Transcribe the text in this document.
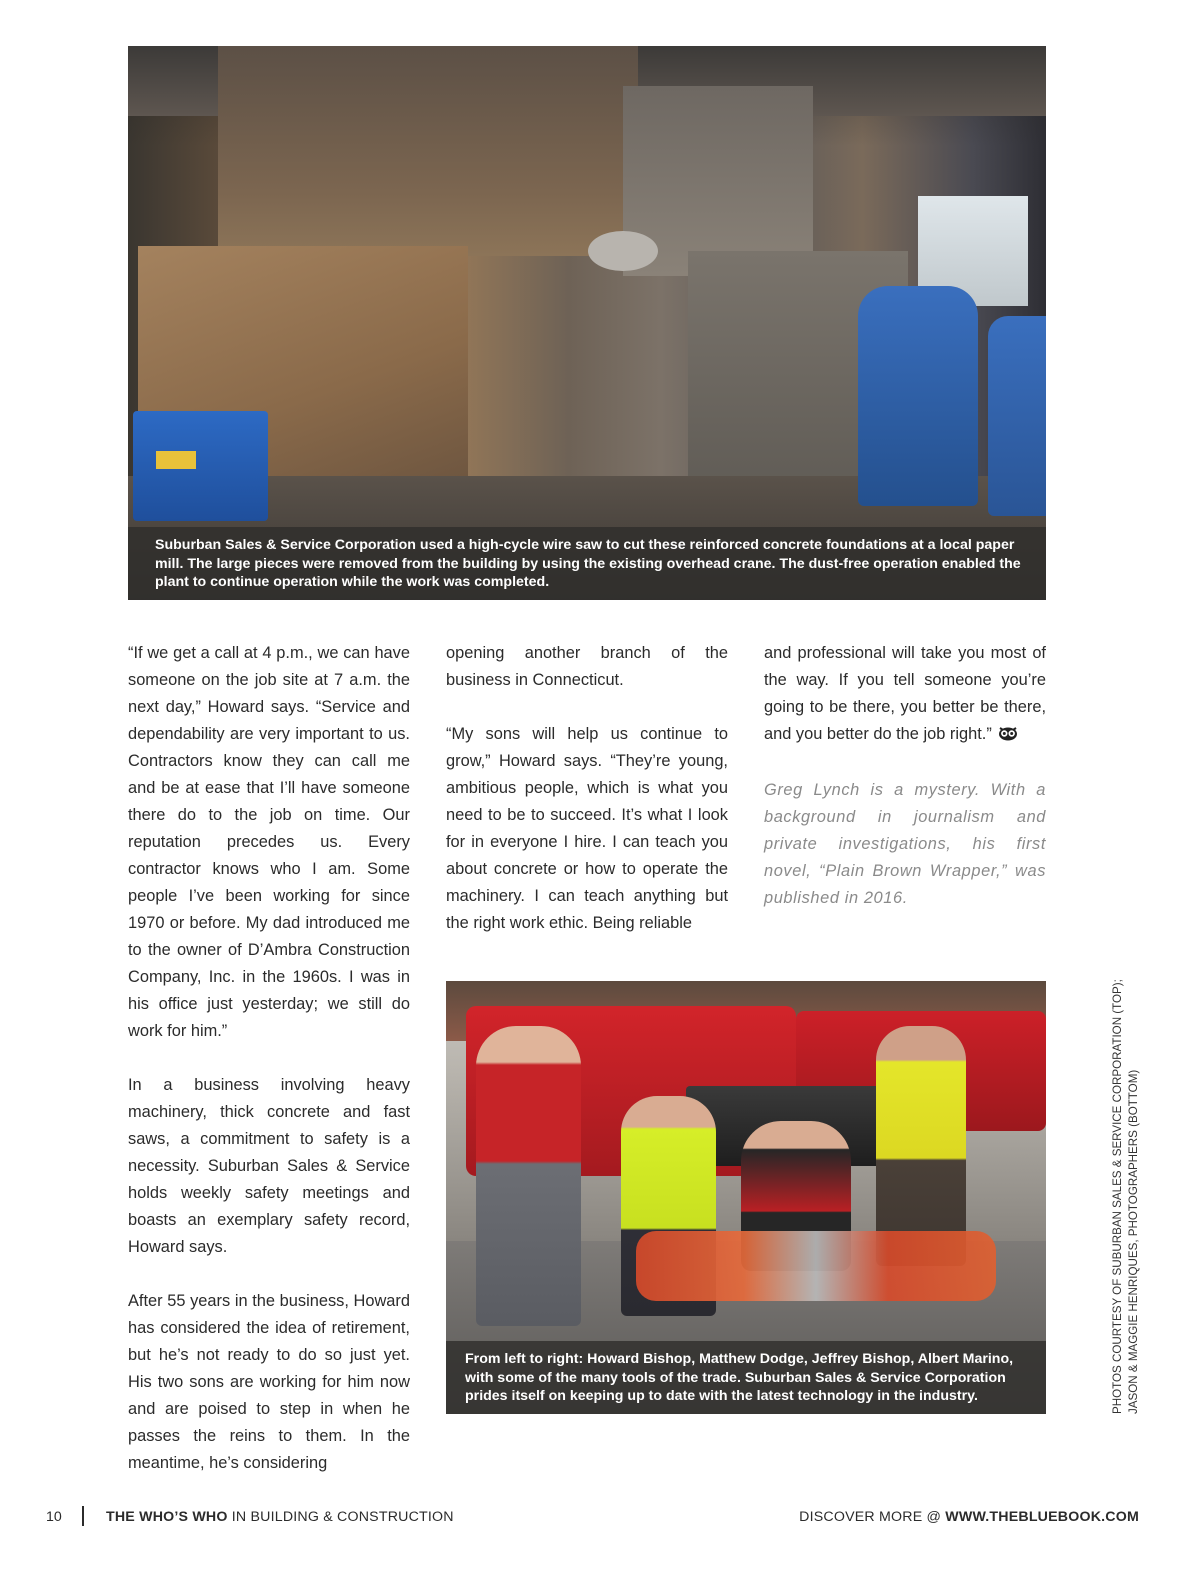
Suburban Sales & Service Corporation used a high-cycle wire saw to cut these reinforced concrete foundations at a local paper mill. The large pieces were removed from the building by using the existing overhead crane. The dust-free operation enabled the plant to continue operation while the work was completed.

“If we get a call at 4 p.m., we can have someone on the job site at 7 a.m. the next day,” Howard says. “Service and dependability are very important to us. Contractors know they can call me and be at ease that I’ll have someone there do to the job on time. Our reputation precedes us. Every contractor knows who I am. Some people I’ve been working for since 1970 or before. My dad introduced me to the owner of D’Ambra Construction Company, Inc. in the 1960s. I was in his office just yesterday; we still do work for him.”

In a business involving heavy machinery, thick concrete and fast saws, a commitment to safety is a necessity. Suburban Sales & Service holds weekly safety meetings and boasts an exemplary safety record, Howard says.

After 55 years in the business, Howard has considered the idea of retirement, but he’s not ready to do so just yet. His two sons are working for him now and are poised to step in when he passes the reins to them. In the meantime, he’s considering

opening another branch of the business in Connecticut.

“My sons will help us continue to grow,” Howard says. “They’re young, ambitious people, which is what you need to be to succeed. It’s what I look for in everyone I hire. I can teach you about concrete or how to operate the machinery. I can teach anything but the right work ethic. Being reliable

and professional will take you most of the way. If you tell someone you’re going to be there, you better be there, and you better do the job right.”

Greg Lynch is a mystery. With a background in journalism and private investigations, his first novel, “Plain Brown Wrapper,” was published in 2016.

From left to right: Howard Bishop, Matthew Dodge, Jeffrey Bishop, Albert Marino, with some of the many tools of the trade. Suburban Sales & Service Corporation prides itself on keeping up to date with the latest technology in the industry.	PHOTOS COURTESY OF SUBURBAN SALES & SERVICE CORPORATION (TOP); JASON & MAGGIE HENRIQUES, PHOTOGRAPHERS (BOTTOM)
10	THE WHO’S WHO IN BUILDING & CONSTRUCTION	DISCOVER MORE @ WWW.THEBLUEBOOK.COM
